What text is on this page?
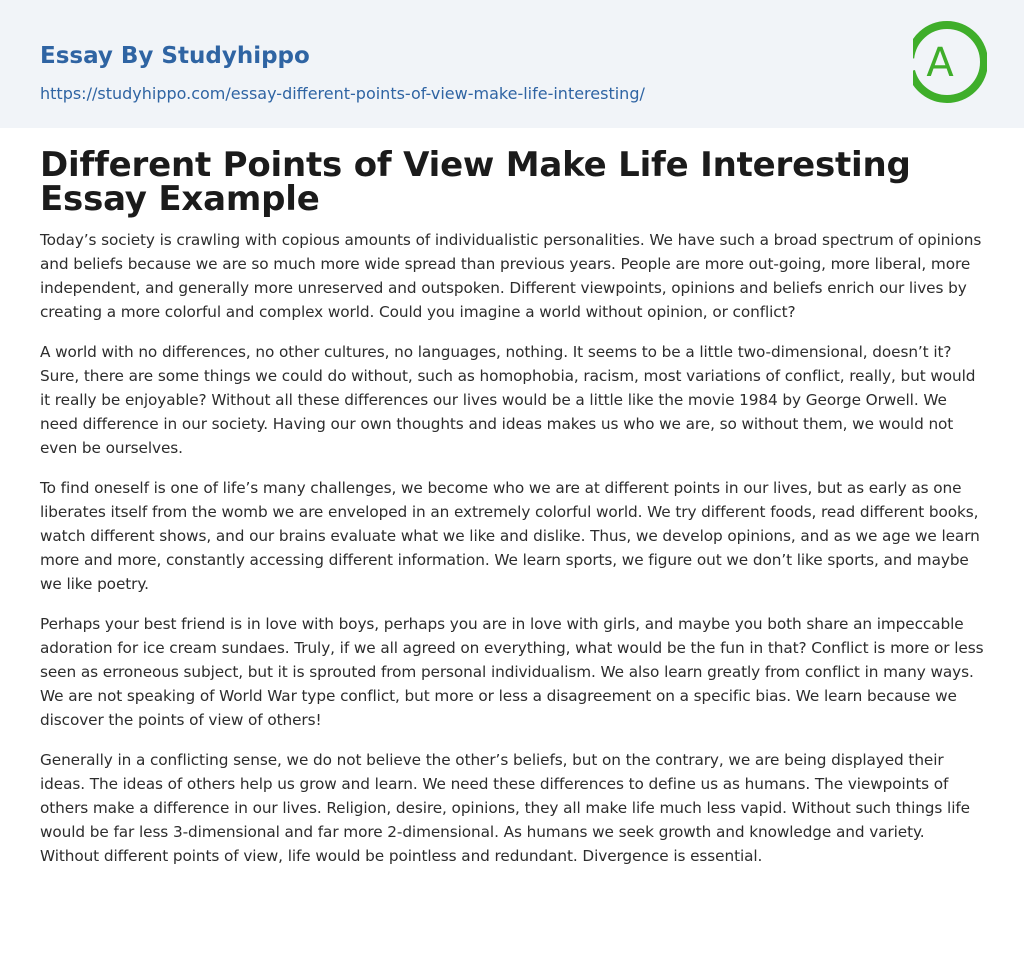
Essay By Studyhippo
https://studyhippo.com/essay-different-points-of-view-make-life-interesting/
A
Different Points of View Make Life Interesting Essay Example

Today’s society is crawling with copious amounts of individualistic personalities. We have such a broad spectrum of opinions and beliefs because we are so much more wide spread than previous years. People are more out-going, more liberal, more independent, and generally more unreserved and outspoken. Different viewpoints, opinions and beliefs enrich our lives by creating a more colorful and complex world. Could you imagine a world without opinion, or conflict?

A world with no differences, no other cultures, no languages, nothing. It seems to be a little two-dimensional, doesn’t it? Sure, there are some things we could do without, such as homophobia, racism, most variations of conflict, really, but would it really be enjoyable? Without all these differences our lives would be a little like the movie 1984 by George Orwell. We need difference in our society. Having our own thoughts and ideas makes us who we are, so without them, we would not even be ourselves.

To find oneself is one of life’s many challenges, we become who we are at different points in our lives, but as early as one liberates itself from the womb we are enveloped in an extremely colorful world. We try different foods, read different books, watch different shows, and our brains evaluate what we like and dislike. Thus, we develop opinions, and as we age we learn more and more, constantly accessing different information. We learn sports, we figure out we don’t like sports, and maybe we like poetry.

Perhaps your best friend is in love with boys, perhaps you are in love with girls, and maybe you both share an impeccable adoration for ice cream sundaes. Truly, if we all agreed on everything, what would be the fun in that? Conflict is more or less seen as erroneous subject, but it is sprouted from personal individualism. We also learn greatly from conflict in many ways. We are not speaking of World War type conflict, but more or less a disagreement on a specific bias. We learn because we discover the points of view of others!

Generally in a conflicting sense, we do not believe the other’s beliefs, but on the contrary, we are being displayed their ideas. The ideas of others help us grow and learn. We need these differences to define us as humans. The viewpoints of others make a difference in our lives. Religion, desire, opinions, they all make life much less vapid. Without such things life would be far less 3-dimensional and far more 2-dimensional. As humans we seek growth and knowledge and variety. Without different points of view, life would be pointless and redundant. Divergence is essential.
